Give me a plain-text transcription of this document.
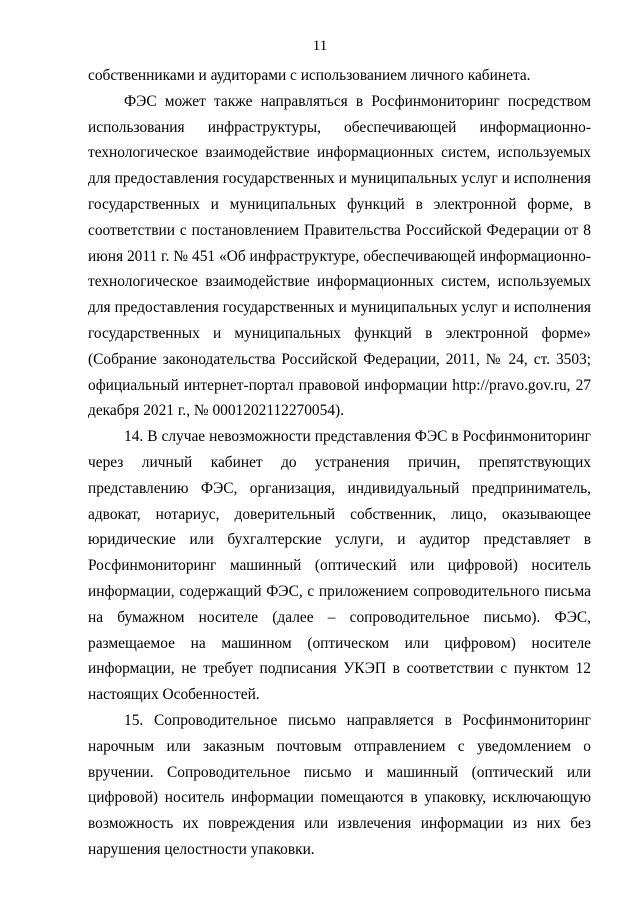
11

собственниками и аудиторами с использованием личного кабинета.

ФЭС может также направляться в Росфинмониторинг посредством использования инфраструктуры, обеспечивающей информационно-технологическое взаимодействие информационных систем, используемых для предоставления государственных и муниципальных услуг и исполнения государственных и муниципальных функций в электронной форме, в соответствии с постановлением Правительства Российской Федерации от 8 июня 2011 г. № 451 «Об инфраструктуре, обеспечивающей информационно-технологическое взаимодействие информационных систем, используемых для предоставления государственных и муниципальных услуг и исполнения государственных и муниципальных функций в электронной форме» (Собрание законодательства Российской Федерации, 2011, № 24, ст. 3503; официальный интернет-портал правовой информации http://pravo.gov.ru, 27 декабря 2021 г., № 0001202112270054).

14. В случае невозможности представления ФЭС в Росфинмониторинг через личный кабинет до устранения причин, препятствующих представлению ФЭС, организация, индивидуальный предприниматель, адвокат, нотариус, доверительный собственник, лицо, оказывающее юридические или бухгалтерские услуги, и аудитор представляет в Росфинмониторинг машинный (оптический или цифровой) носитель информации, содержащий ФЭС, с приложением сопроводительного письма на бумажном носителе (далее – сопроводительное письмо). ФЭС, размещаемое на машинном (оптическом или цифровом) носителе информации, не требует подписания УКЭП в соответствии с пунктом 12 настоящих Особенностей.

15. Сопроводительное письмо направляется в Росфинмониторинг нарочным или заказным почтовым отправлением с уведомлением о вручении. Сопроводительное письмо и машинный (оптический или цифровой) носитель информации помещаются в упаковку, исключающую возможность их повреждения или извлечения информации из них без нарушения целостности упаковки.
